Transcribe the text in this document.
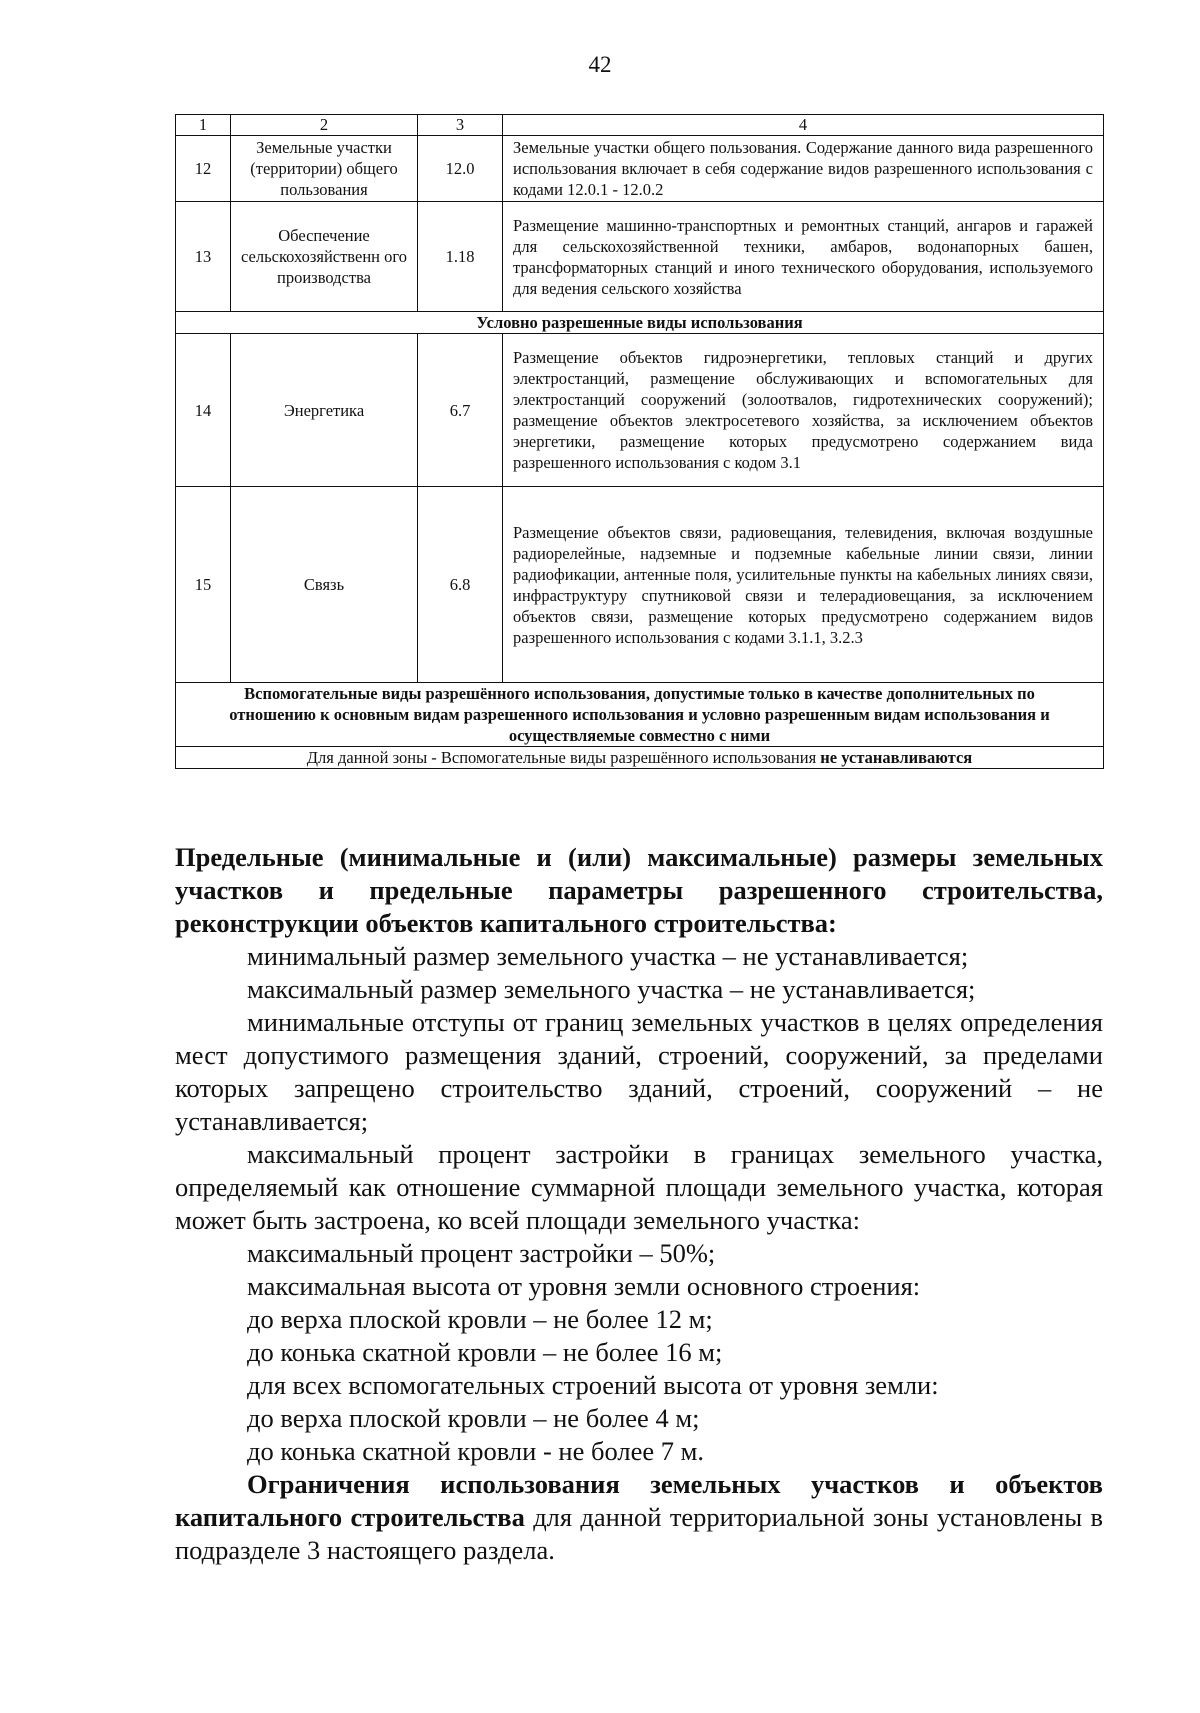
42
1	2	3	4
12	Земельные участки (территории) общего пользования	12.0	Земельные участки общего пользования. Содержание данного вида разрешенного использования включает в себя содержание видов разрешенного использования с кодами 12.0.1 - 12.0.2
13	Обеспечение сельскохозяйственн ого производства	1.18	Размещение машинно-транспортных и ремонтных станций, ангаров и гаражей для сельскохозяйственной техники, амбаров, водонапорных башен, трансформаторных станций и иного технического оборудования, используемого для ведения сельского хозяйства
Условно разрешенные виды использования			
14	Энергетика	6.7	Размещение объектов гидроэнергетики, тепловых станций и других электростанций, размещение обслуживающих и вспомогательных для электростанций сооружений (золоотвалов, гидротехнических сооружений); размещение объектов электросетевого хозяйства, за исключением объектов энергетики, размещение которых предусмотрено содержанием вида разрешенного использования с кодом 3.1
15	Связь	6.8	Размещение объектов связи, радиовещания, телевидения, включая воздушные радиорелейные, надземные и подземные кабельные линии связи, линии радиофикации, антенные поля, усилительные пункты на кабельных линиях связи, инфраструктуру спутниковой связи и телерадиовещания, за исключением объектов связи, размещение которых предусмотрено содержанием видов разрешенного использования с кодами 3.1.1, 3.2.3
Вспомогательные виды разрешённого использования, допустимые только в качестве дополнительных по отношению к основным видам разрешенного использования и условно разрешенным видам использования и осуществляемые совместно с ними			
Для данной зоны - Вспомогательные виды разрешённого использования не устанавливаются			

Предельные (минимальные и (или) максимальные) размеры земельных участков и предельные параметры разрешенного строительства, реконструкции объектов капитального строительства:

минимальный размер земельного участка – не устанавливается;

максимальный размер земельного участка – не устанавливается;

минимальные отступы от границ земельных участков в целях определения мест допустимого размещения зданий, строений, сооружений, за пределами которых запрещено строительство зданий, строений, сооружений – не устанавливается;

максимальный процент застройки в границах земельного участка, определяемый как отношение суммарной площади земельного участка, которая может быть застроена, ко всей площади земельного участка:

максимальный процент застройки – 50%;

максимальная высота от уровня земли основного строения:

до верха плоской кровли – не более 12 м;

до конька скатной кровли – не более 16 м;

для всех вспомогательных строений высота от уровня земли:

до верха плоской кровли – не более 4 м;

до конька скатной кровли - не более 7 м.

Ограничения использования земельных участков и объектов капитального строительства для данной территориальной зоны установлены в подразделе 3 настоящего раздела.
